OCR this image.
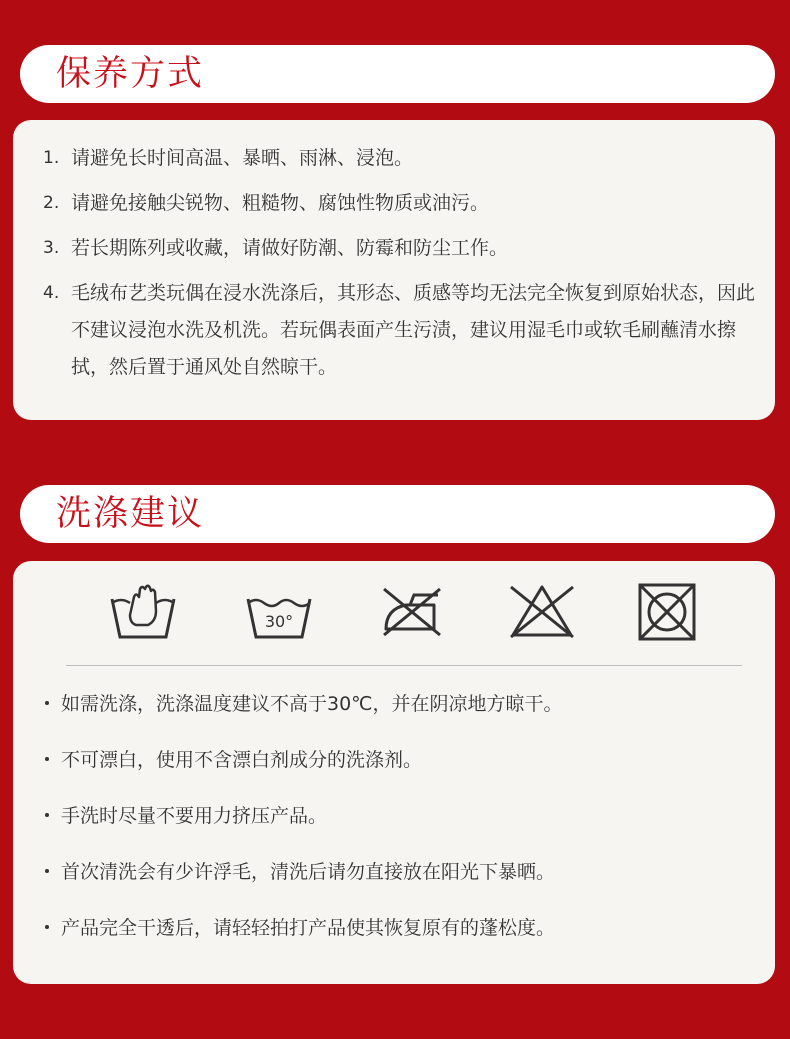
保养方式
1. 请避免长时间高温、暴晒、雨淋、浸泡。
2. 请避免接触尖锐物、粗糙物、腐蚀性物质或油污。
3. 若长期陈列或收藏，请做好防潮、防霉和防尘工作。
4. 毛绒布艺类玩偶在浸水洗涤后，其形态、质感等均无法完全恢复到原始状态，因此不建议浸泡水洗及机洗。若玩偶表面产生污渍，建议用湿毛巾或软毛刷蘸清水擦拭，然后置于通风处自然晾干。
洗涤建议
30°
如需洗涤，洗涤温度建议不高于30℃，并在阴凉地方晾干。
不可漂白，使用不含漂白剂成分的洗涤剂。
手洗时尽量不要用力挤压产品。
首次清洗会有少许浮毛，清洗后请勿直接放在阳光下暴晒。
产品完全干透后，请轻轻拍打产品使其恢复原有的蓬松度。
